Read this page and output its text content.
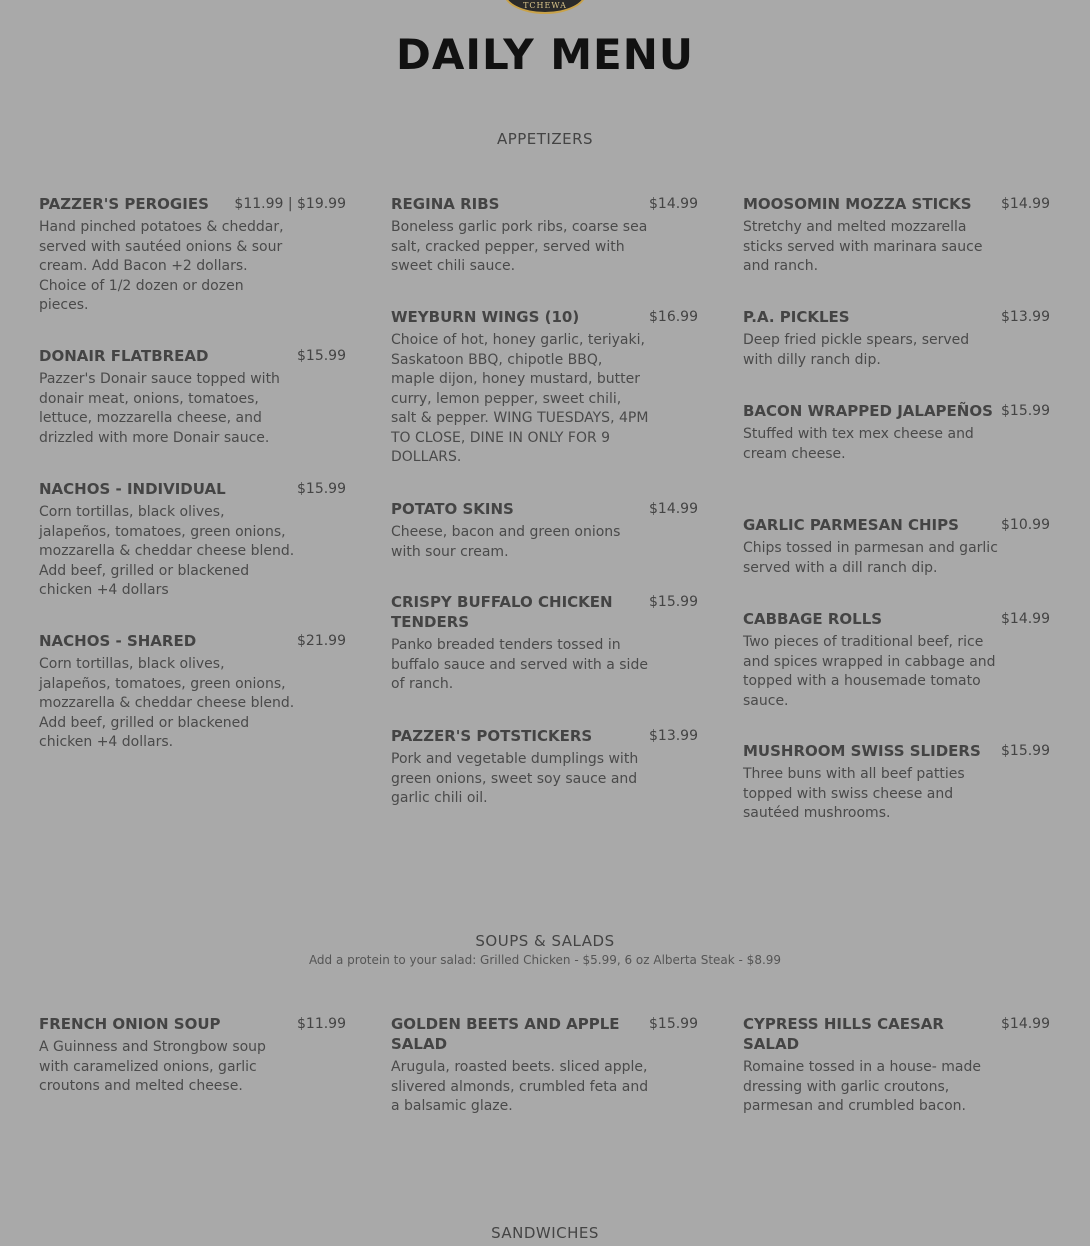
TCHEWA
DAILY MENU
APPETIZERS
PAZZER'S PEROGIES $11.99 | $19.99
Hand pinched potatoes & cheddar, served with sautéed onions & sour cream. Add Bacon +2 dollars. Choice of 1/2 dozen or dozen pieces.
DONAIR FLATBREAD	$15.99
Pazzer's Donair sauce topped with donair meat, onions, tomatoes, lettuce, mozzarella cheese, and drizzled with more Donair sauce.
NACHOS - INDIVIDUAL	$15.99
Corn tortillas, black olives, jalapeños, tomatoes, green onions, mozzarella & cheddar cheese blend. Add beef, grilled or blackened chicken +4 dollars
NACHOS - SHARED	$21.99
Corn tortillas, black olives, jalapeños, tomatoes, green onions, mozzarella & cheddar cheese blend. Add beef, grilled or blackened chicken +4 dollars.
REGINA RIBS	$14.99
Boneless garlic pork ribs, coarse sea salt, cracked pepper, served with sweet chili sauce.
WEYBURN WINGS (10)	$16.99
Choice of hot, honey garlic, teriyaki, Saskatoon BBQ, chipotle BBQ, maple dijon, honey mustard, butter curry, lemon pepper, sweet chili, salt & pepper. WING TUESDAYS, 4PM TO CLOSE, DINE IN ONLY FOR 9 DOLLARS.
POTATO SKINS	$14.99
Cheese, bacon and green onions with sour cream.
CRISPY BUFFALO CHICKEN TENDERS
$15.99
Panko breaded tenders tossed in buffalo sauce and served with a side of ranch.
PAZZER'S POTSTICKERS	$13.99
Pork and vegetable dumplings with green onions, sweet soy sauce and garlic chili oil.
MOOSOMIN MOZZA STICKS $14.99
Stretchy and melted mozzarella sticks served with marinara sauce and ranch.
P.A. PICKLES	$13.99
Deep fried pickle spears, served with dilly ranch dip.
BACON WRAPPED JALAPEÑOS $15.99
Stuffed with tex mex cheese and cream cheese.
GARLIC PARMESAN CHIPS	$10.99
Chips tossed in parmesan and garlic served with a dill ranch dip.
CABBAGE ROLLS	$14.99
Two pieces of traditional beef, rice and spices wrapped in cabbage and topped with a housemade tomato sauce.
MUSHROOM SWISS SLIDERS $15.99
Three buns with all beef patties topped with swiss cheese and sautéed mushrooms.
SOUPS & SALADS
Add a protein to your salad: Grilled Chicken - $5.99, 6 oz Alberta Steak - $8.99
FRENCH ONION SOUP	$11.99
A Guinness and Strongbow soup with caramelized onions, garlic croutons and melted cheese.
GOLDEN BEETS AND APPLE SALAD
$15.99
Arugula, roasted beets. sliced apple, slivered almonds, crumbled feta and a balsamic glaze.
CYPRESS HILLS CAESAR SALAD
$14.99
Romaine tossed in a house- made dressing with garlic croutons, parmesan and crumbled bacon.
SANDWICHES
